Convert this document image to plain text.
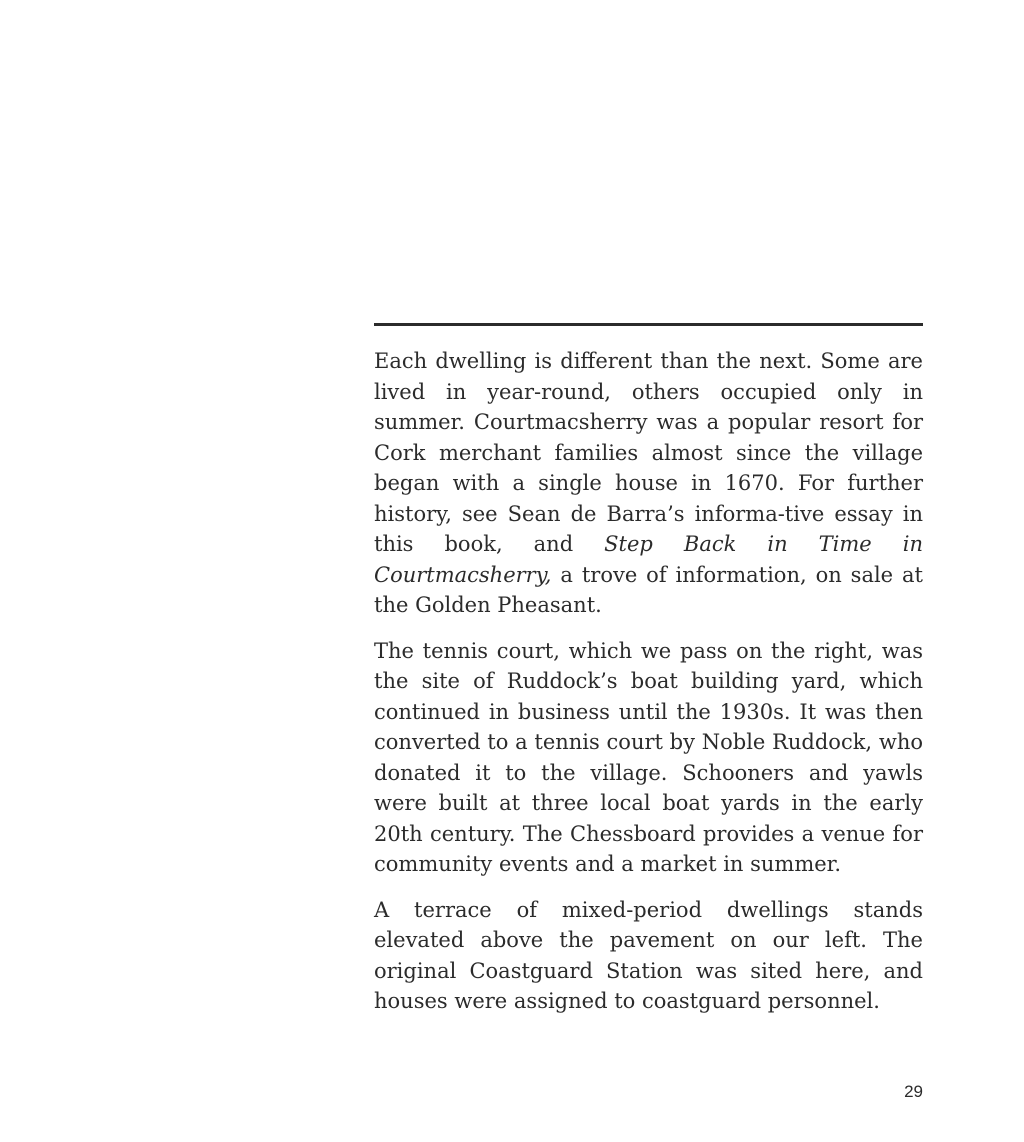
Each dwelling is different than the next. Some are lived in year-round, others occupied only in summer. Courtmacsherry was a popular resort for Cork merchant families almost since the village began with a single house in 1670. For further history, see Sean de Barra’s informa-tive essay in this book, and Step Back in Time in Courtmacsherry, a trove of information, on sale at the Golden Pheasant.

The tennis court, which we pass on the right, was the site of Ruddock’s boat building yard, which continued in business until the 1930s. It was then converted to a tennis court by Noble Ruddock, who donated it to the village. Schooners and yawls were built at three local boat yards in the early 20th century. The Chessboard provides a venue for community events and a market in summer.

A terrace of mixed-period dwellings stands elevated above the pavement on our left. The original Coastguard Station was sited here, and houses were assigned to coastguard personnel.

29
